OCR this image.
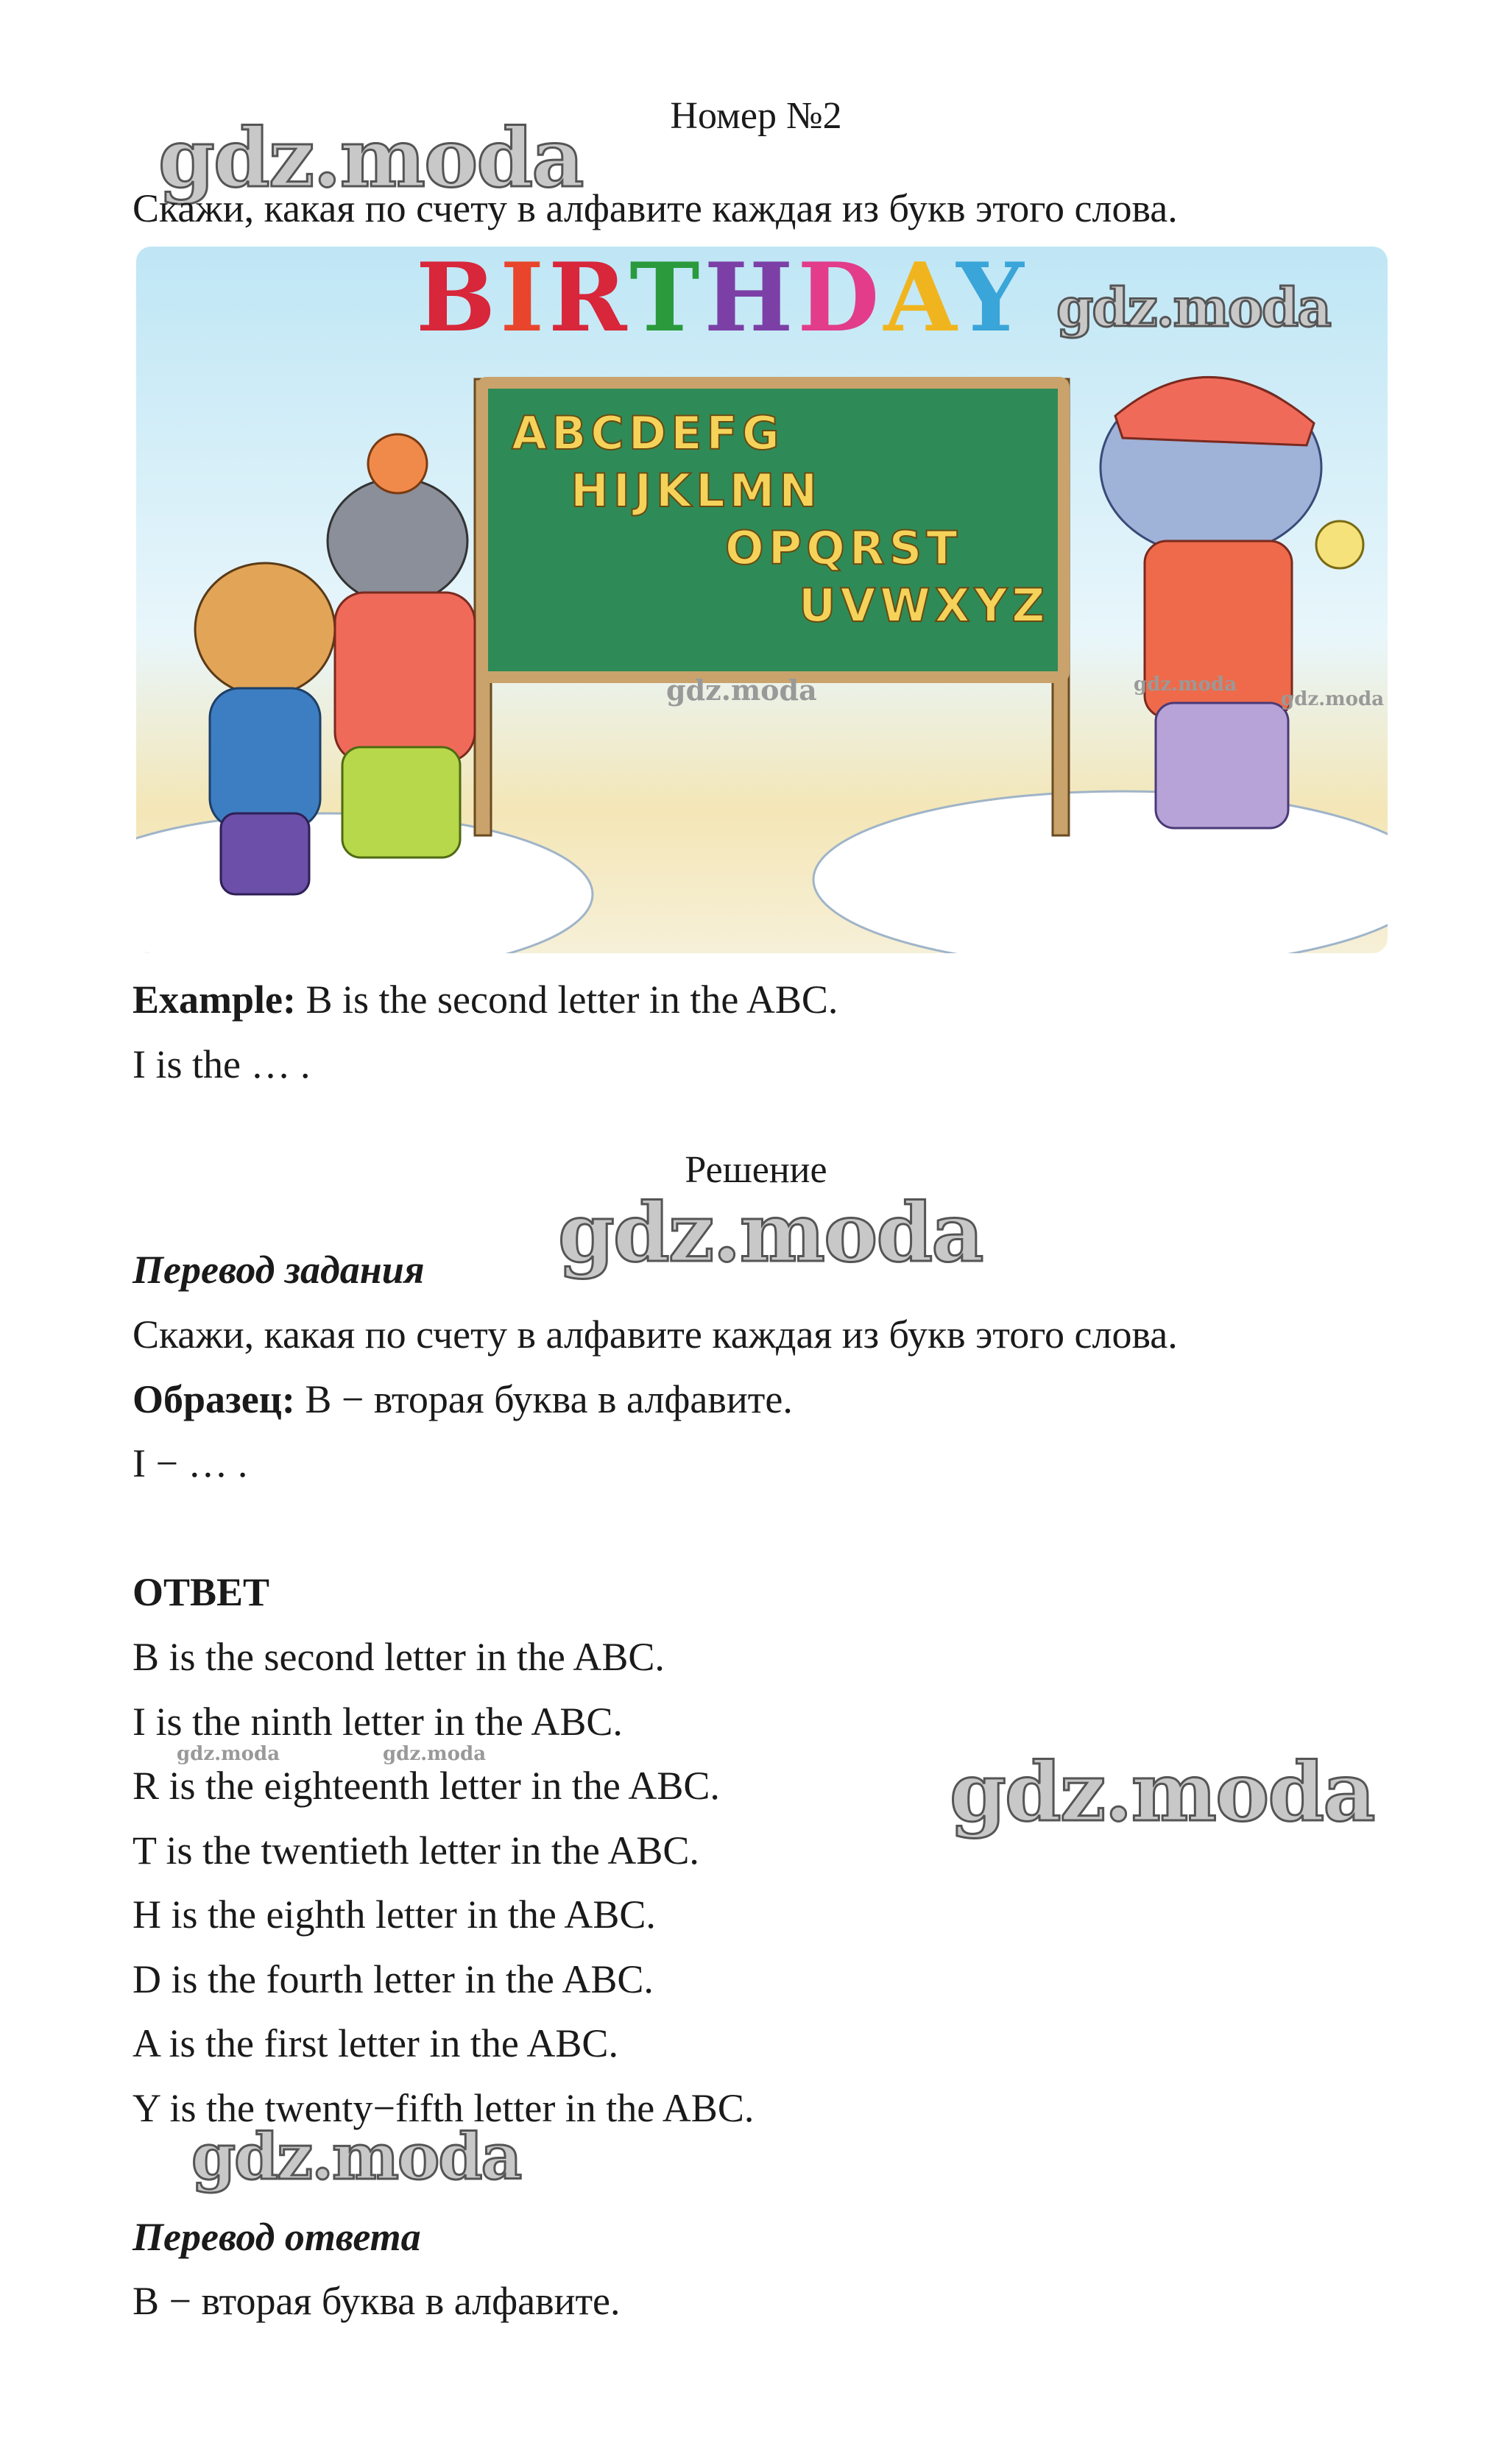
Номер №2
gdz.moda
Скажи, какая по счету в алфавите каждая из букв этого слова.
BIRTHDAY
ABCDEFG
HIJKLMN
OPQRST
UVWXYZ
gdz.moda
gdz.moda	gdz.moda
gdz.moda
Example: B is the second letter in the ABC.
I is the … .
Решение
gdz.moda
Перевод задания
Скажи, какая по счету в алфавите каждая из букв этого слова.
Образец: B − вторая буква в алфавите.
I − … .
ОТВЕТ
B is the second letter in the ABC.
I is the ninth letter in the ABC.
gdz.moda	gdz.moda
R is the eighteenth letter in the ABC.	gdz.moda
T is the twentieth letter in the ABC.
H is the eighth letter in the ABC.
D is the fourth letter in the ABC.
A is the first letter in the ABC.
Y is the twenty−fifth letter in the ABC.
gdz.moda
Перевод ответа
B − вторая буква в алфавите.
